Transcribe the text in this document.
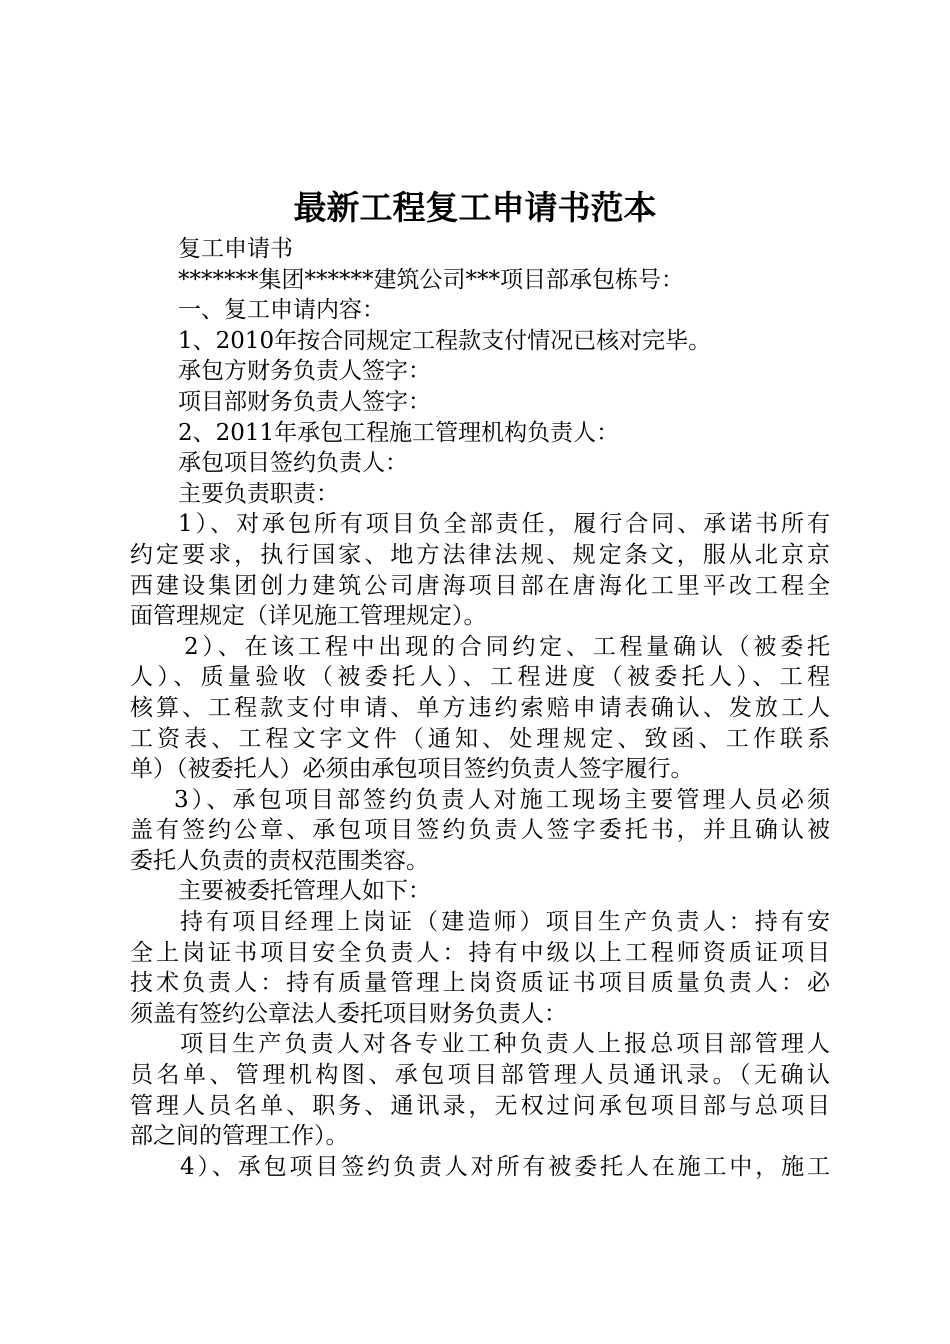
最新工程复工申请书范本
复工申请书
*******集团******建筑公司***项目部承包栋号：
一、复工申请内容：
1、2010年按合同规定工程款支付情况已核对完毕。
承包方财务负责人签字：
项目部财务负责人签字：
2、2011年承包工程施工管理机构负责人：
承包项目签约负责人：
主要负责职责：
1）、对承包所有项目负全部责任，履行合同、承诺书所有
约定要求，执行国家、地方法律法规、规定条文，服从北京京
西建设集团创力建筑公司唐海项目部在唐海化工里平改工程全
面管理规定（详见施工管理规定）。
2）、在该工程中出现的合同约定、工程量确认（被委托
人）、质量验收（被委托人）、工程进度（被委托人）、工程
核算、工程款支付申请、单方违约索赔申请表确认、发放工人
工资表、工程文字文件（通知、处理规定、致函、工作联系
单）（被委托人）必须由承包项目签约负责人签字履行。
3）、承包项目部签约负责人对施工现场主要管理人员必须
盖有签约公章、承包项目签约负责人签字委托书，并且确认被
委托人负责的责权范围类容。
主要被委托管理人如下：
持有项目经理上岗证（建造师）项目生产负责人：持有安
全上岗证书项目安全负责人：持有中级以上工程师资质证项目
技术负责人：持有质量管理上岗资质证书项目质量负责人：必
须盖有签约公章法人委托项目财务负责人：
项目生产负责人对各专业工种负责人上报总项目部管理人
员名单、管理机构图、承包项目部管理人员通讯录。（无确认
管理人员名单、职务、通讯录，无权过问承包项目部与总项目
部之间的管理工作）。
4）、承包项目签约负责人对所有被委托人在施工中，施工
